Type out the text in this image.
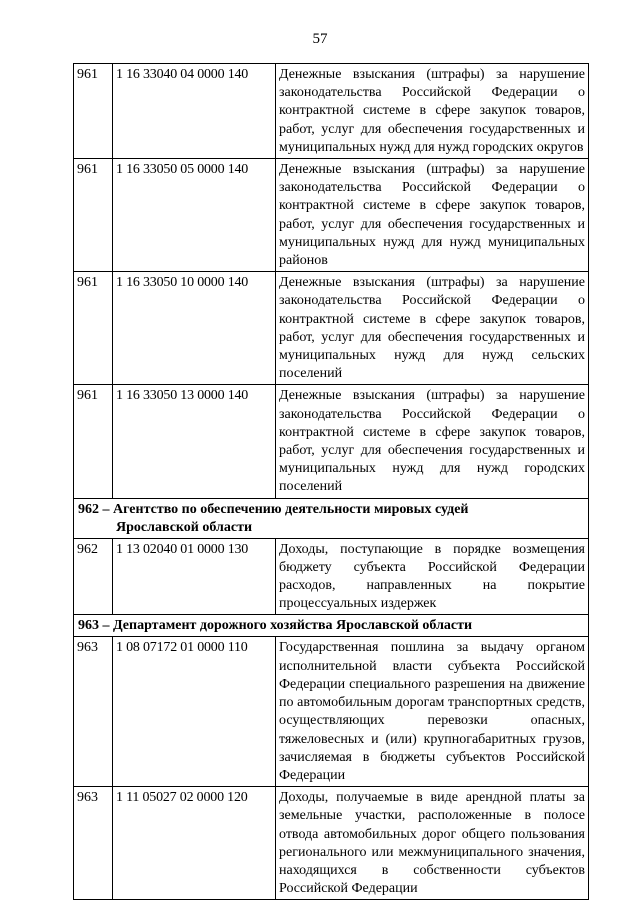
57
961	1 16 33040 04 0000 140	Денежные взыскания (штрафы) за нарушение законодательства Российской Федерации о контрактной системе в сфере закупок товаров, работ, услуг для обеспечения государственных и муниципальных нужд для нужд городских округов
961	1 16 33050 05 0000 140	Денежные взыскания (штрафы) за нарушение законодательства Российской Федерации о контрактной системе в сфере закупок товаров, работ, услуг для обеспечения государственных и муниципальных нужд для нужд муниципальных районов
961	1 16 33050 10 0000 140	Денежные взыскания (штрафы) за нарушение законодательства Российской Федерации о контрактной системе в сфере закупок товаров, работ, услуг для обеспечения государственных и муниципальных нужд для нужд сельских поселений
961	1 16 33050 13 0000 140	Денежные взыскания (штрафы) за нарушение законодательства Российской Федерации о контрактной системе в сфере закупок товаров, работ, услуг для обеспечения государственных и муниципальных нужд для нужд городских поселений
962 – Агентство по обеспечению деятельности мировых судей
Ярославской области		

962	1 13 02040 01 0000 130	Доходы, поступающие в порядке возмещения бюджету субъекта Российской Федерации расходов, направленных на покрытие процессуальных издержек
963 – Департамент дорожного хозяйства Ярославской области		
963	1 08 07172 01 0000 110	Государственная пошлина за выдачу органом исполнительной власти субъекта Российской Федерации специального разрешения на движение по автомобильным дорогам транспортных средств, осуществляющих перевозки опасных, тяжеловесных и (или) крупногабаритных грузов, зачисляемая в бюджеты субъектов Российской Федерации
963	1 11 05027 02 0000 120	Доходы, получаемые в виде арендной платы за земельные участки, расположенные в полосе отвода автомобильных дорог общего пользования регионального или межмуниципального значения, находящихся в собственности субъектов Российской Федерации
